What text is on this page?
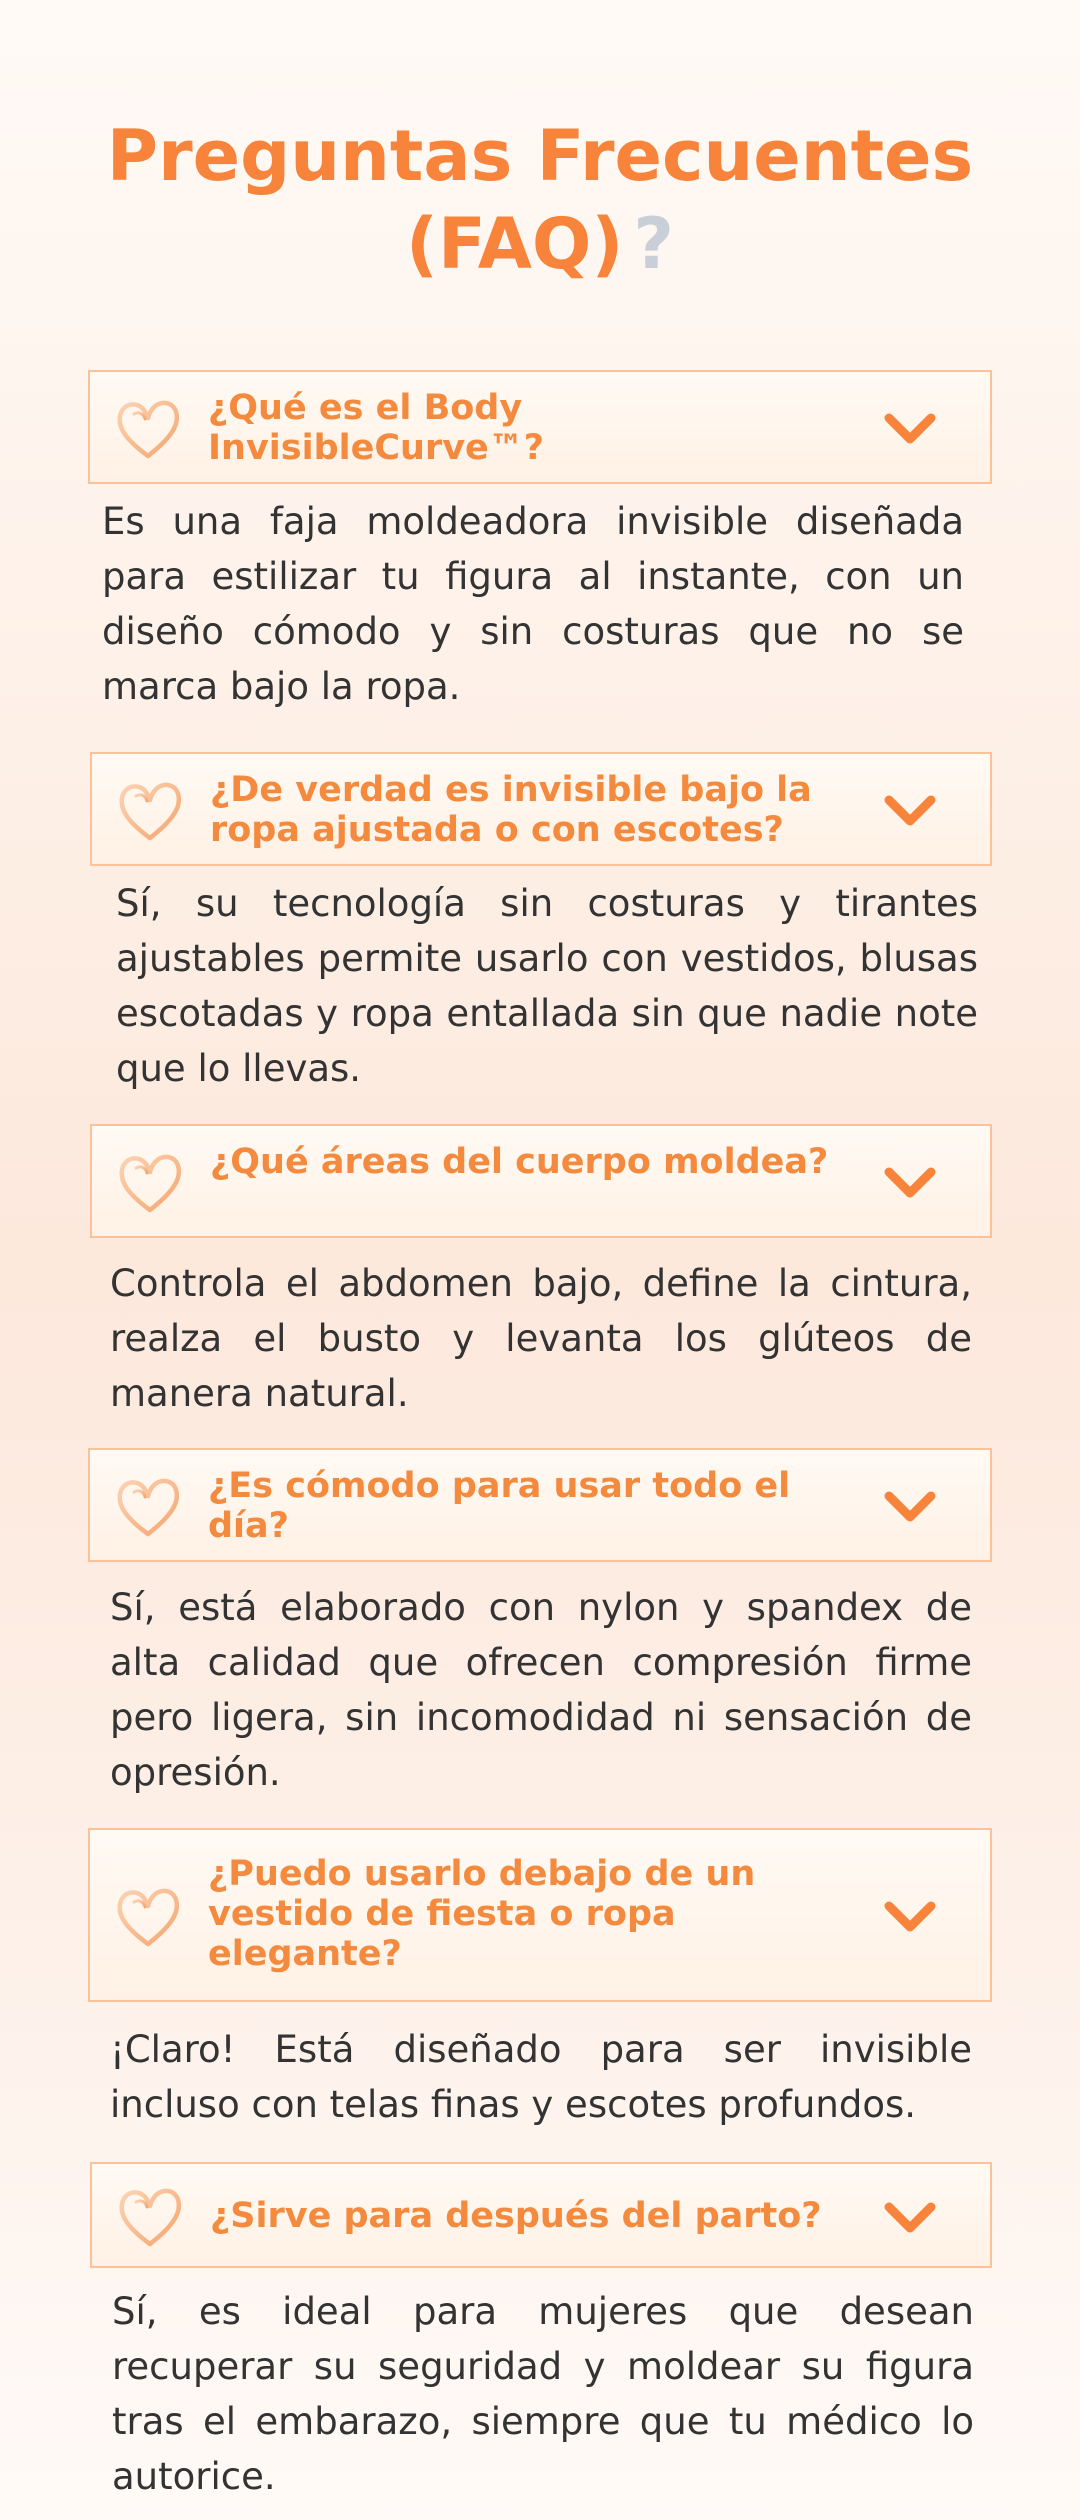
Preguntas Frecuentes
(FAQ) ?
¿Qué es el Body InvisibleCurve™?

Es una faja moldeadora invisible diseñada para estilizar tu figura al instante, con un diseño cómodo y sin costuras que no se marca bajo la ropa.

¿De verdad es invisible bajo la ropa ajustada o con escotes?

Sí, su tecnología sin costuras y tirantes ajustables permite usarlo con vestidos, blusas escotadas y ropa entallada sin que nadie note que lo llevas.

¿Qué áreas del cuerpo moldea?

Controla el abdomen bajo, define la cintura, realza el busto y levanta los glúteos de manera natural.

¿Es cómodo para usar todo el día?

Sí, está elaborado con nylon y spandex de alta calidad que ofrecen compresión firme pero ligera, sin incomodidad ni sensación de opresión.

¿Puedo usarlo debajo de un vestido de fiesta o ropa elegante?

¡Claro! Está diseñado para ser invisible incluso con telas finas y escotes profundos.

¿Sirve para después del parto?

Sí, es ideal para mujeres que desean recuperar su seguridad y moldear su figura tras el embarazo, siempre que tu médico lo autorice.
